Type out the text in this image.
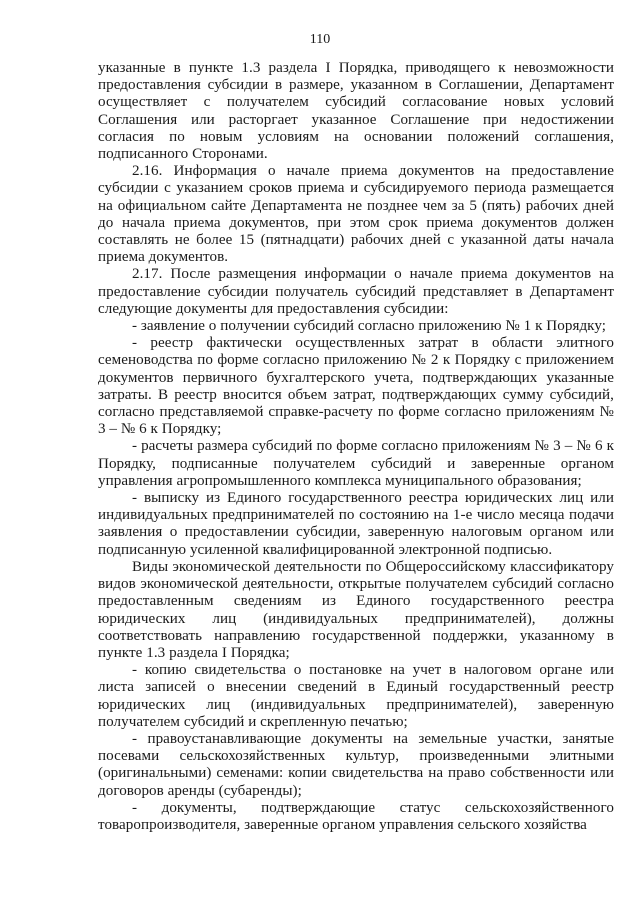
110

указанные в пункте 1.3 раздела I Порядка, приводящего к невозможности предоставления субсидии в размере, указанном в Соглашении, Департамент осуществляет с получателем субсидий согласование новых условий Соглашения или расторгает указанное Соглашение при недостижении согласия по новым условиям на основании положений соглашения, подписанного Сторонами.

2.16. Информация о начале приема документов на предоставление субсидии с указанием сроков приема и субсидируемого периода размещается на официальном сайте Департамента не позднее чем за 5 (пять) рабочих дней до начала приема документов, при этом срок приема документов должен составлять не более 15 (пятнадцати) рабочих дней с указанной даты начала приема документов.

2.17. После размещения информации о начале приема документов на предоставление субсидии получатель субсидий представляет в Департамент следующие документы для предоставления субсидии:

- заявление о получении субсидий согласно приложению № 1 к Порядку;

- реестр фактически осуществленных затрат в области элитного семеноводства по форме согласно приложению № 2 к Порядку с приложением документов первичного бухгалтерского учета, подтверждающих указанные затраты. В реестр вносится объем затрат, подтверждающих сумму субсидий, согласно представляемой справке-расчету по форме согласно приложениям № 3 – № 6 к Порядку;

- расчеты размера субсидий по форме согласно приложениям № 3 – № 6 к Порядку, подписанные получателем субсидий и заверенные органом управления агропромышленного комплекса муниципального образования;

- выписку из Единого государственного реестра юридических лиц или индивидуальных предпринимателей по состоянию на 1-е число месяца подачи заявления о предоставлении субсидии, заверенную налоговым органом или подписанную усиленной квалифицированной электронной подписью.

Виды экономической деятельности по Общероссийскому классификатору видов экономической деятельности, открытые получателем субсидий согласно предоставленным сведениям из Единого государственного реестра юридических лиц (индивидуальных предпринимателей), должны соответствовать направлению государственной поддержки, указанному в пункте 1.3 раздела I Порядка;

- копию свидетельства о постановке на учет в налоговом органе или листа записей о внесении сведений в Единый государственный реестр юридических лиц (индивидуальных предпринимателей), заверенную получателем субсидий и скрепленную печатью;

- правоустанавливающие документы на земельные участки, занятые посевами сельскохозяйственных культур, произведенными элитными (оригинальными) семенами: копии свидетельства на право собственности или договоров аренды (субаренды);

- документы, подтверждающие статус сельскохозяйственного товаропроизводителя, заверенные органом управления сельского хозяйства
